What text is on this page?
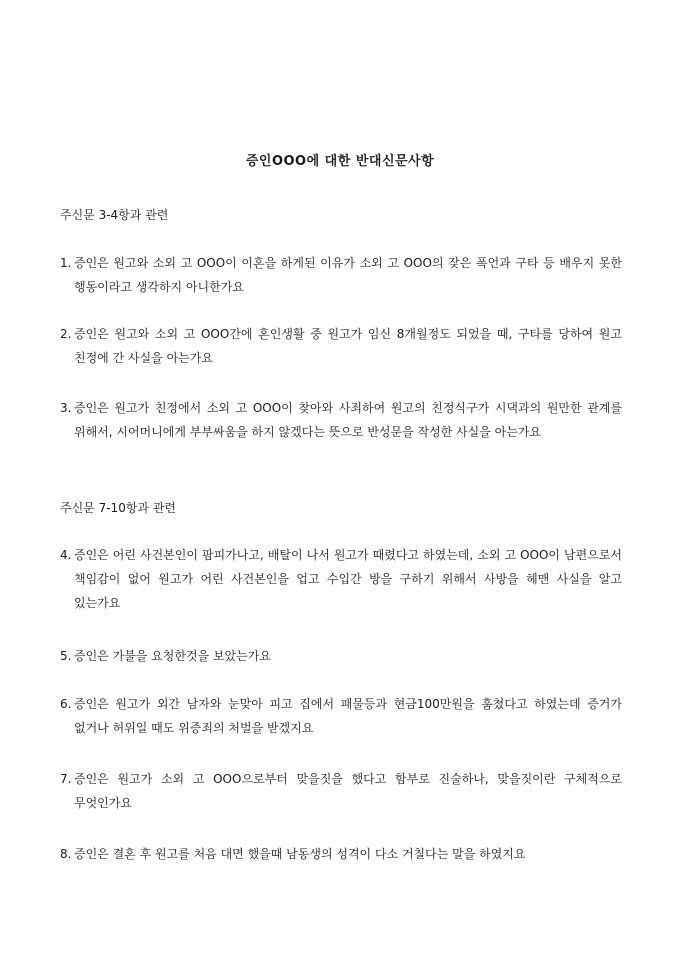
증인OOO에 대한 반대신문사항
주신문 3-4항과 관련
1. 증인은 원고와 소외 고 OOO이 이혼을 하게된 이유가 소외 고 OOO의 잦은 폭언과 구타 등 배우지 못한 행동이라고 생각하지 아니한가요
2. 증인은 원고와 소외 고 OOO간에 혼인생활 중 원고가 임신 8개월정도 되었을 때, 구타를 당하여 원고 친정에 간 사실을 아는가요
3. 증인은 원고가 친정에서 소외 고 OOO이 찾아와 사죄하여 원고의 친정식구가 시댁과의 원만한 관계를 위해서, 시어머니에게 부부싸움을 하지 않겠다는 뜻으로 반성문을 작성한 사실을 아는가요
주신문 7-10항과 관련
4. 증인은 어린 사건본인이 팜피가나고, 배탈이 나서 원고가 때렸다고 하였는데, 소외 고 OOO이 남편으로서 책임감이 없어 원고가 어린 사건본인을 업고 수입간 방을 구하기 위해서 사방을 헤맨 사실을 알고 있는가요
5. 증인은 가불을 요청한것을 보았는가요
6. 증인은 원고가 외간 남자와 눈맞아 피고 집에서 패물등과 현금100만원을 훔쳤다고 하였는데 증거가 없거나 허위일 때도 위증죄의 처벌을 받겠지요
7. 증인은 원고가 소외 고 OOO으로부터 맞을짓을 했다고 함부로 진술하나, 맞을짓이란 구체적으로 무엇인가요
8. 증인은 결혼 후 원고를 처음 대면 했을때 남동생의 성격이 다소 거칠다는 말을 하였지요
